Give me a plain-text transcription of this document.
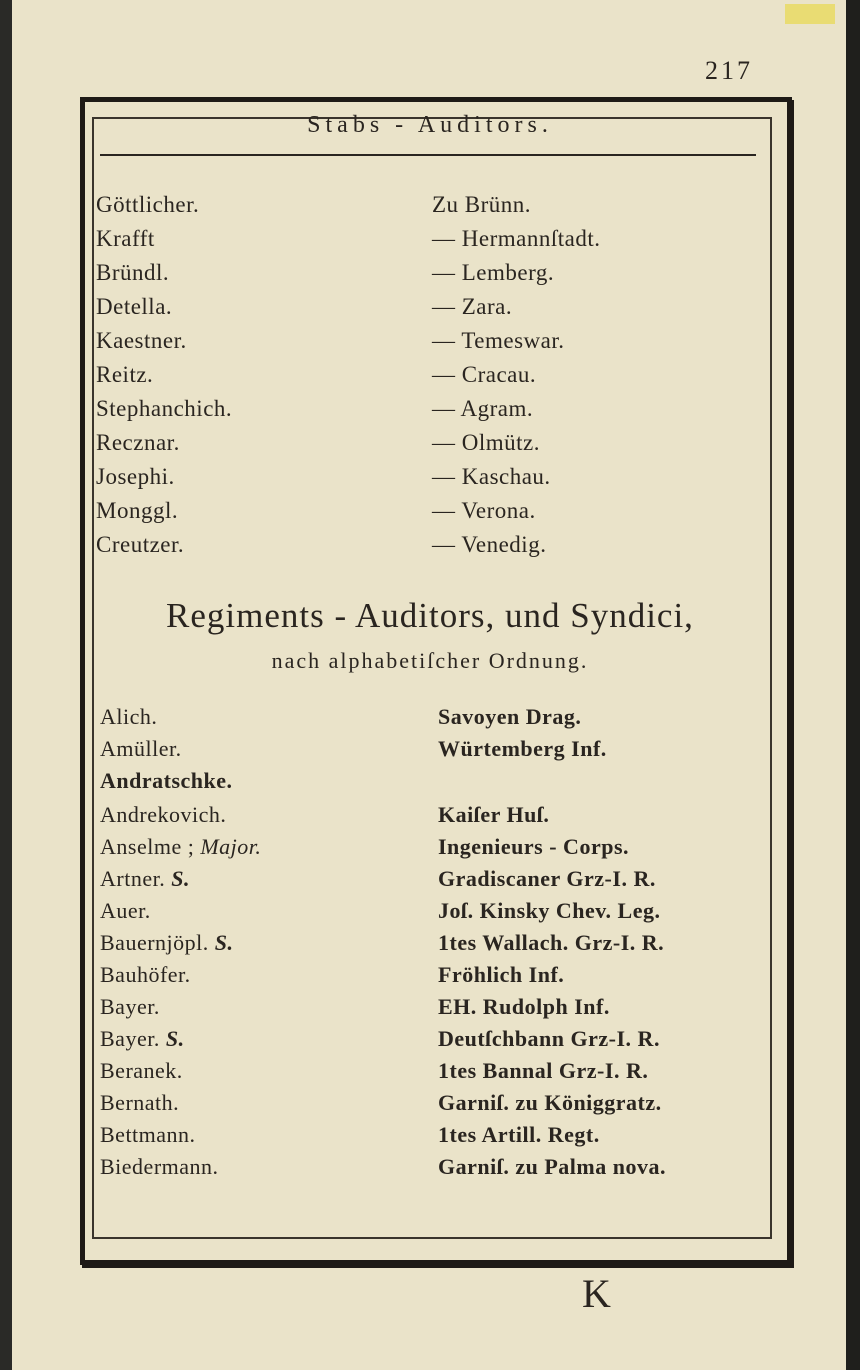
217
Stabs - Auditors.
Göttlicher.	Zu Brünn.
Krafft	— Hermannſtadt.
Bründl.	— Lemberg.
Detella.	— Zara.
Kaestner.	— Temeswar.
Reitz.	— Cracau.
Stephanchich.	— Agram.
Recznar.	— Olmütz.
Josephi.	— Kaschau.
Monggl.	— Verona.
Creutzer.	— Venedig.
Regiments - Auditors, und Syndici,
nach alphabetiſcher Ordnung.
Alich.	Savoyen Drag.
Amüller.	Würtemberg Inf.
Andratschke.
Andrekovich.	Kaiſer Huſ.
Anselme ; Major.	Ingenieurs - Corps.
Artner. S.	Gradiscaner Grz-I. R.
Auer.	Joſ. Kinsky Chev. Leg.
Bauernjöpl. S.	1tes Wallach. Grz-I. R.
Bauhöfer.	Fröhlich Inf.
Bayer.	EH. Rudolph Inf.
Bayer. S.	Deutſchbann Grz-I. R.
Beranek.	1tes Bannal Grz-I. R.
Bernath.	Garniſ. zu Königgratz.
Bettmann.	1tes Artill. Regt.
Biedermann.	Garniſ. zu Palma nova.
K
